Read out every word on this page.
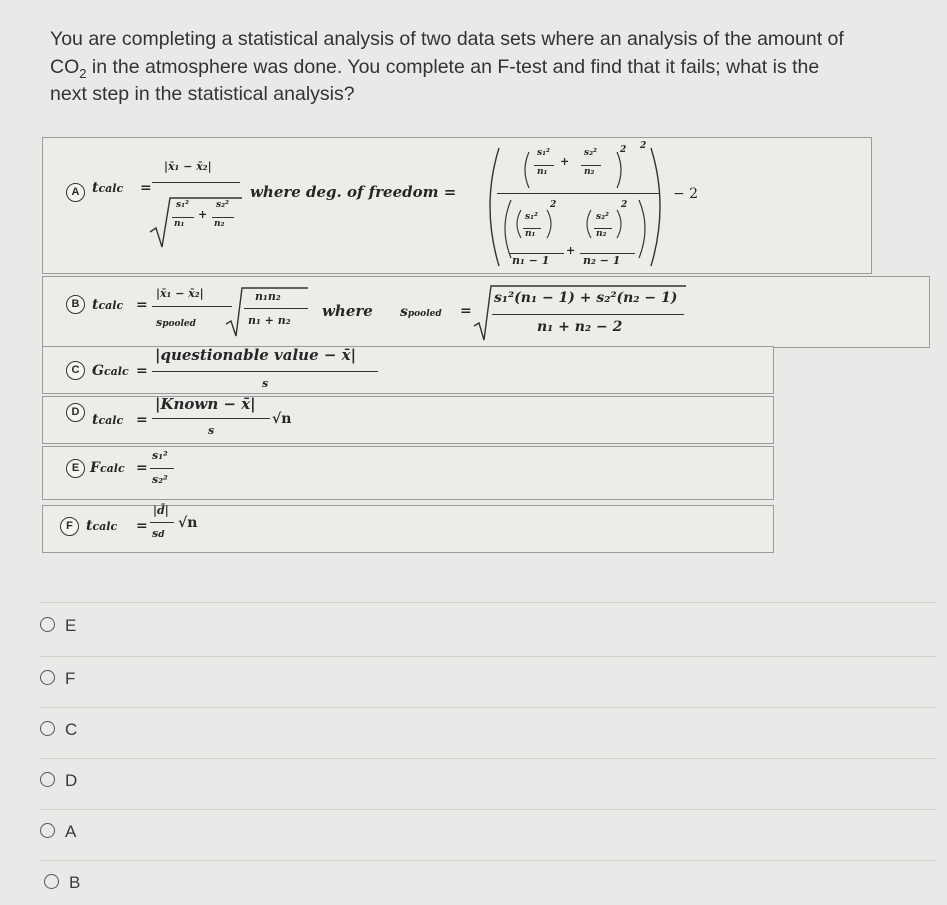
You are completing a statistical analysis of two data sets where an analysis of the amount of
$CO_2$ in the atmosphere was done. You complete an F-test and find that it fails; what is the
next step in the statistical analysis?
A tcalc =
|x̄₁ − x̄₂|
s₁²
n₁
+
s₂²
n₂
where deg. of freedom =
2
s₁²
n₁
+
s₂²
n₂
2
s₁²
n₁
2
s₂²
n₂
2
n₁ − 1
+
n₂ − 1
− 2
B tcalc =
|x̄₁ − x̄₂|
spooled
n₁n₂
n₁ + n₂
where spooled =
s₁²(n₁ − 1) + s₂²(n₂ − 1)
n₁ + n₂ − 2
C Gcalc =
|questionable value − x̄|
s
D tcalc =
|Known − x̄|
s
√n
E Fcalc =
s₁²
s₂²
F tcalc =
|d̄|
sd
√n
E
F
C
D
A
B
